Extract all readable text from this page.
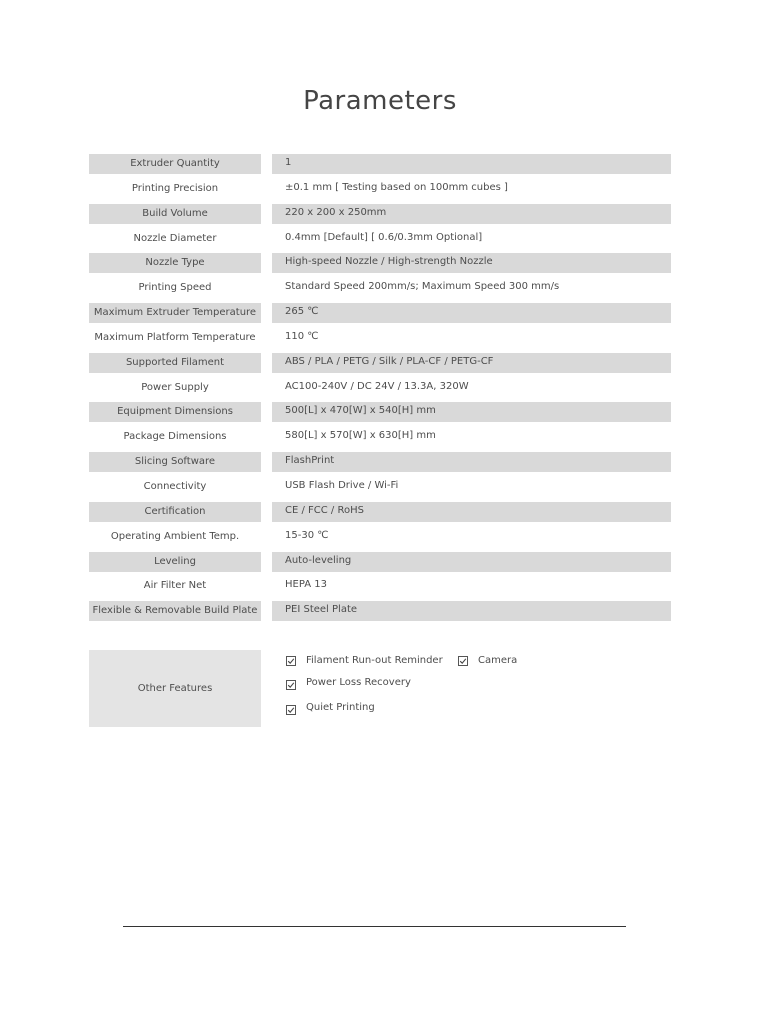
Parameters
Extruder Quantity	1
Printing Precision	±0.1 mm [ Testing based on 100mm cubes ]
Build Volume	220 x 200 x 250mm
Nozzle Diameter	0.4mm [Default] [ 0.6/0.3mm Optional]
Nozzle Type	High-speed Nozzle / High-strength Nozzle
Printing Speed	Standard Speed 200mm/s; Maximum Speed 300 mm/s
Maximum Extruder Temperature	265 ℃
Maximum Platform Temperature	110 ℃
Supported Filament	ABS / PLA / PETG / Silk / PLA-CF / PETG-CF
Power Supply	AC100-240V / DC 24V / 13.3A, 320W
Equipment Dimensions	500[L] x 470[W] x 540[H] mm
Package Dimensions	580[L] x 570[W] x 630[H] mm
Slicing Software	FlashPrint
Connectivity	USB Flash Drive / Wi-Fi
Certification	CE / FCC / RoHS
Operating Ambient Temp.	15-30 ℃
Leveling	Auto-leveling
Air Filter Net	HEPA 13
Flexible & Removable Build Plate	PEI Steel Plate
Other Features
Filament Run-out Reminder	Camera
Power Loss Recovery
Quiet Printing
